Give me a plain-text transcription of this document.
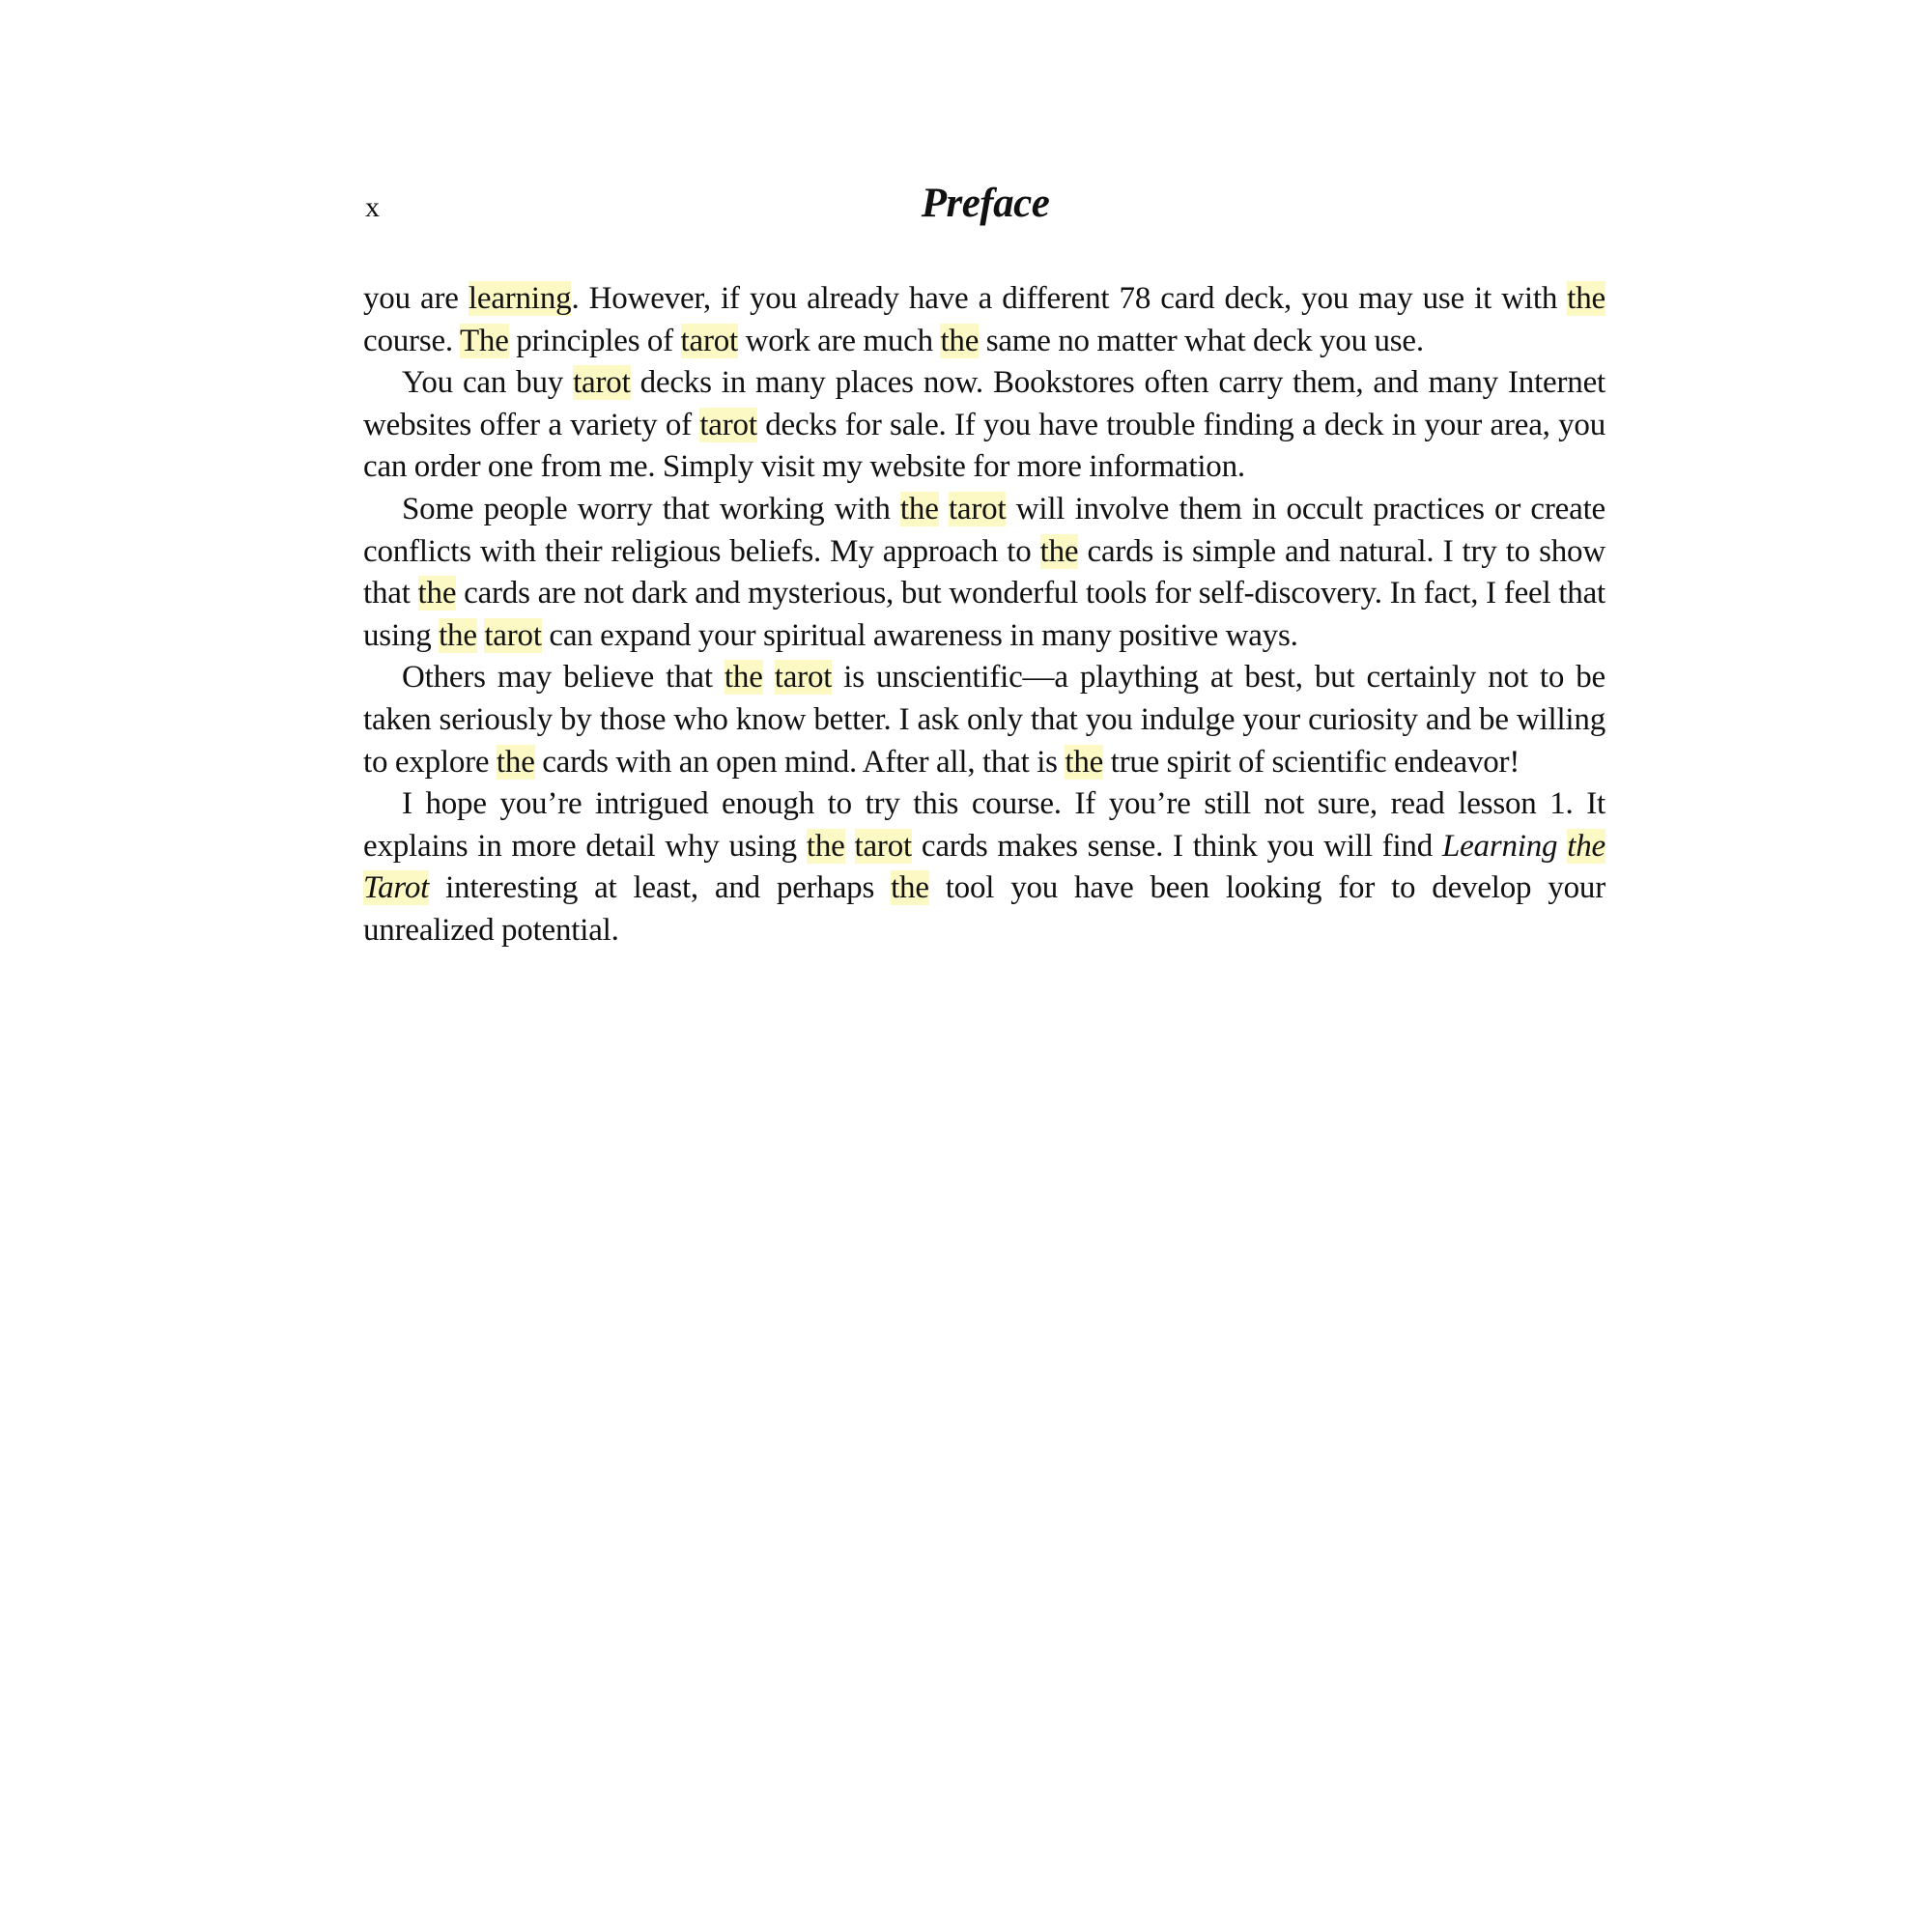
x	Preface

you are learning. However, if you already have a different 78 card deck, you may use it with the course. The principles of tarot work are much the same no matter what deck you use.

You can buy tarot decks in many places now. Bookstores often carry them, and many Internet websites offer a variety of tarot decks for sale. If you have trouble finding a deck in your area, you can order one from me. Simply visit my website for more information.

Some people worry that working with the tarot will involve them in occult practices or create conflicts with their religious beliefs. My approach to the cards is simple and natural. I try to show that the cards are not dark and mysterious, but wonderful tools for self-discovery. In fact, I feel that using the tarot can expand your spiritual awareness in many positive ways.

Others may believe that the tarot is unscientific—a plaything at best, but certainly not to be taken seriously by those who know better. I ask only that you indulge your curiosity and be willing to explore the cards with an open mind. After all, that is the true spirit of scientific endeavor!

I hope you’re intrigued enough to try this course. If you’re still not sure, read lesson 1. It explains in more detail why using the tarot cards makes sense. I think you will find Learning the Tarot interesting at least, and perhaps the tool you have been looking for to develop your unrealized potential.
